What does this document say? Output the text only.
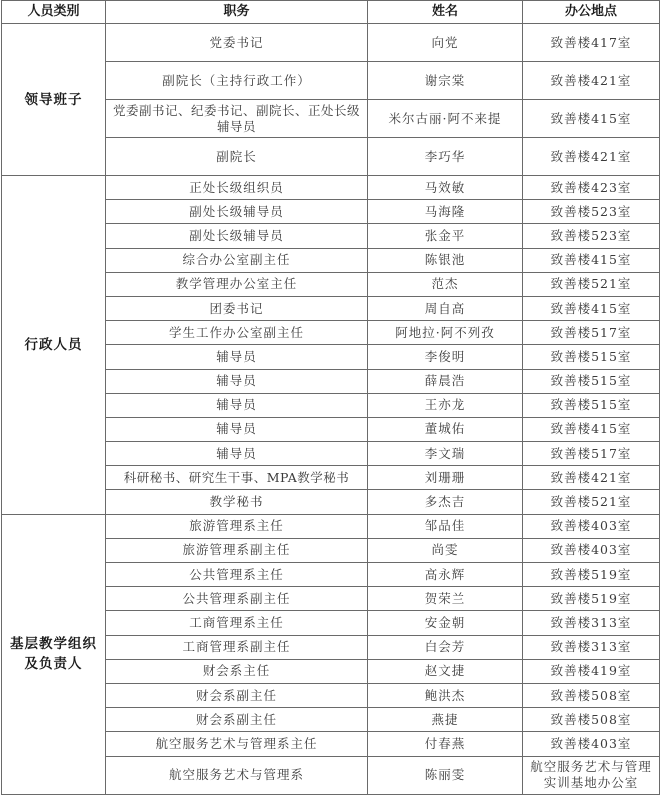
人员类别	职务	姓名	办公地点
领导班子	党委书记	向党	致善楼417室
	副院长（主持行政工作）	谢宗棠	致善楼421室
	党委副书记、纪委书记、副院长、正处长级辅导员	米尔古丽·阿不来提	致善楼415室
	副院长	李巧华	致善楼421室
行政人员	正处长级组织员	马效敏	致善楼423室
	副处长级辅导员	马海隆	致善楼523室
	副处长级辅导员	张金平	致善楼523室
	综合办公室副主任	陈银池	致善楼415室
	教学管理办公室主任	范杰	致善楼521室
	团委书记	周自高	致善楼415室
	学生工作办公室副主任	阿地拉·阿不列孜	致善楼517室
	辅导员	李俊明	致善楼515室
	辅导员	薛晨浩	致善楼515室
	辅导员	王亦龙	致善楼515室
	辅导员	董城佑	致善楼415室
	辅导员	李文瑞	致善楼517室
	科研秘书、研究生干事、MPA教学秘书	刘珊珊	致善楼421室
	教学秘书	多杰吉	致善楼521室
基层教学组织及负责人	旅游管理系主任	邹品佳	致善楼403室
	旅游管理系副主任	尚雯	致善楼403室
	公共管理系主任	高永辉	致善楼519室
	公共管理系副主任	贺荣兰	致善楼519室
	工商管理系主任	安金朝	致善楼313室
	工商管理系副主任	白会芳	致善楼313室
	财会系主任	赵文捷	致善楼419室
	财会系副主任	鲍洪杰	致善楼508室
	财会系副主任	燕捷	致善楼508室
	航空服务艺术与管理系主任	付春燕	致善楼403室
	航空服务艺术与管理系	陈丽雯	航空服务艺术与管理实训基地办公室
